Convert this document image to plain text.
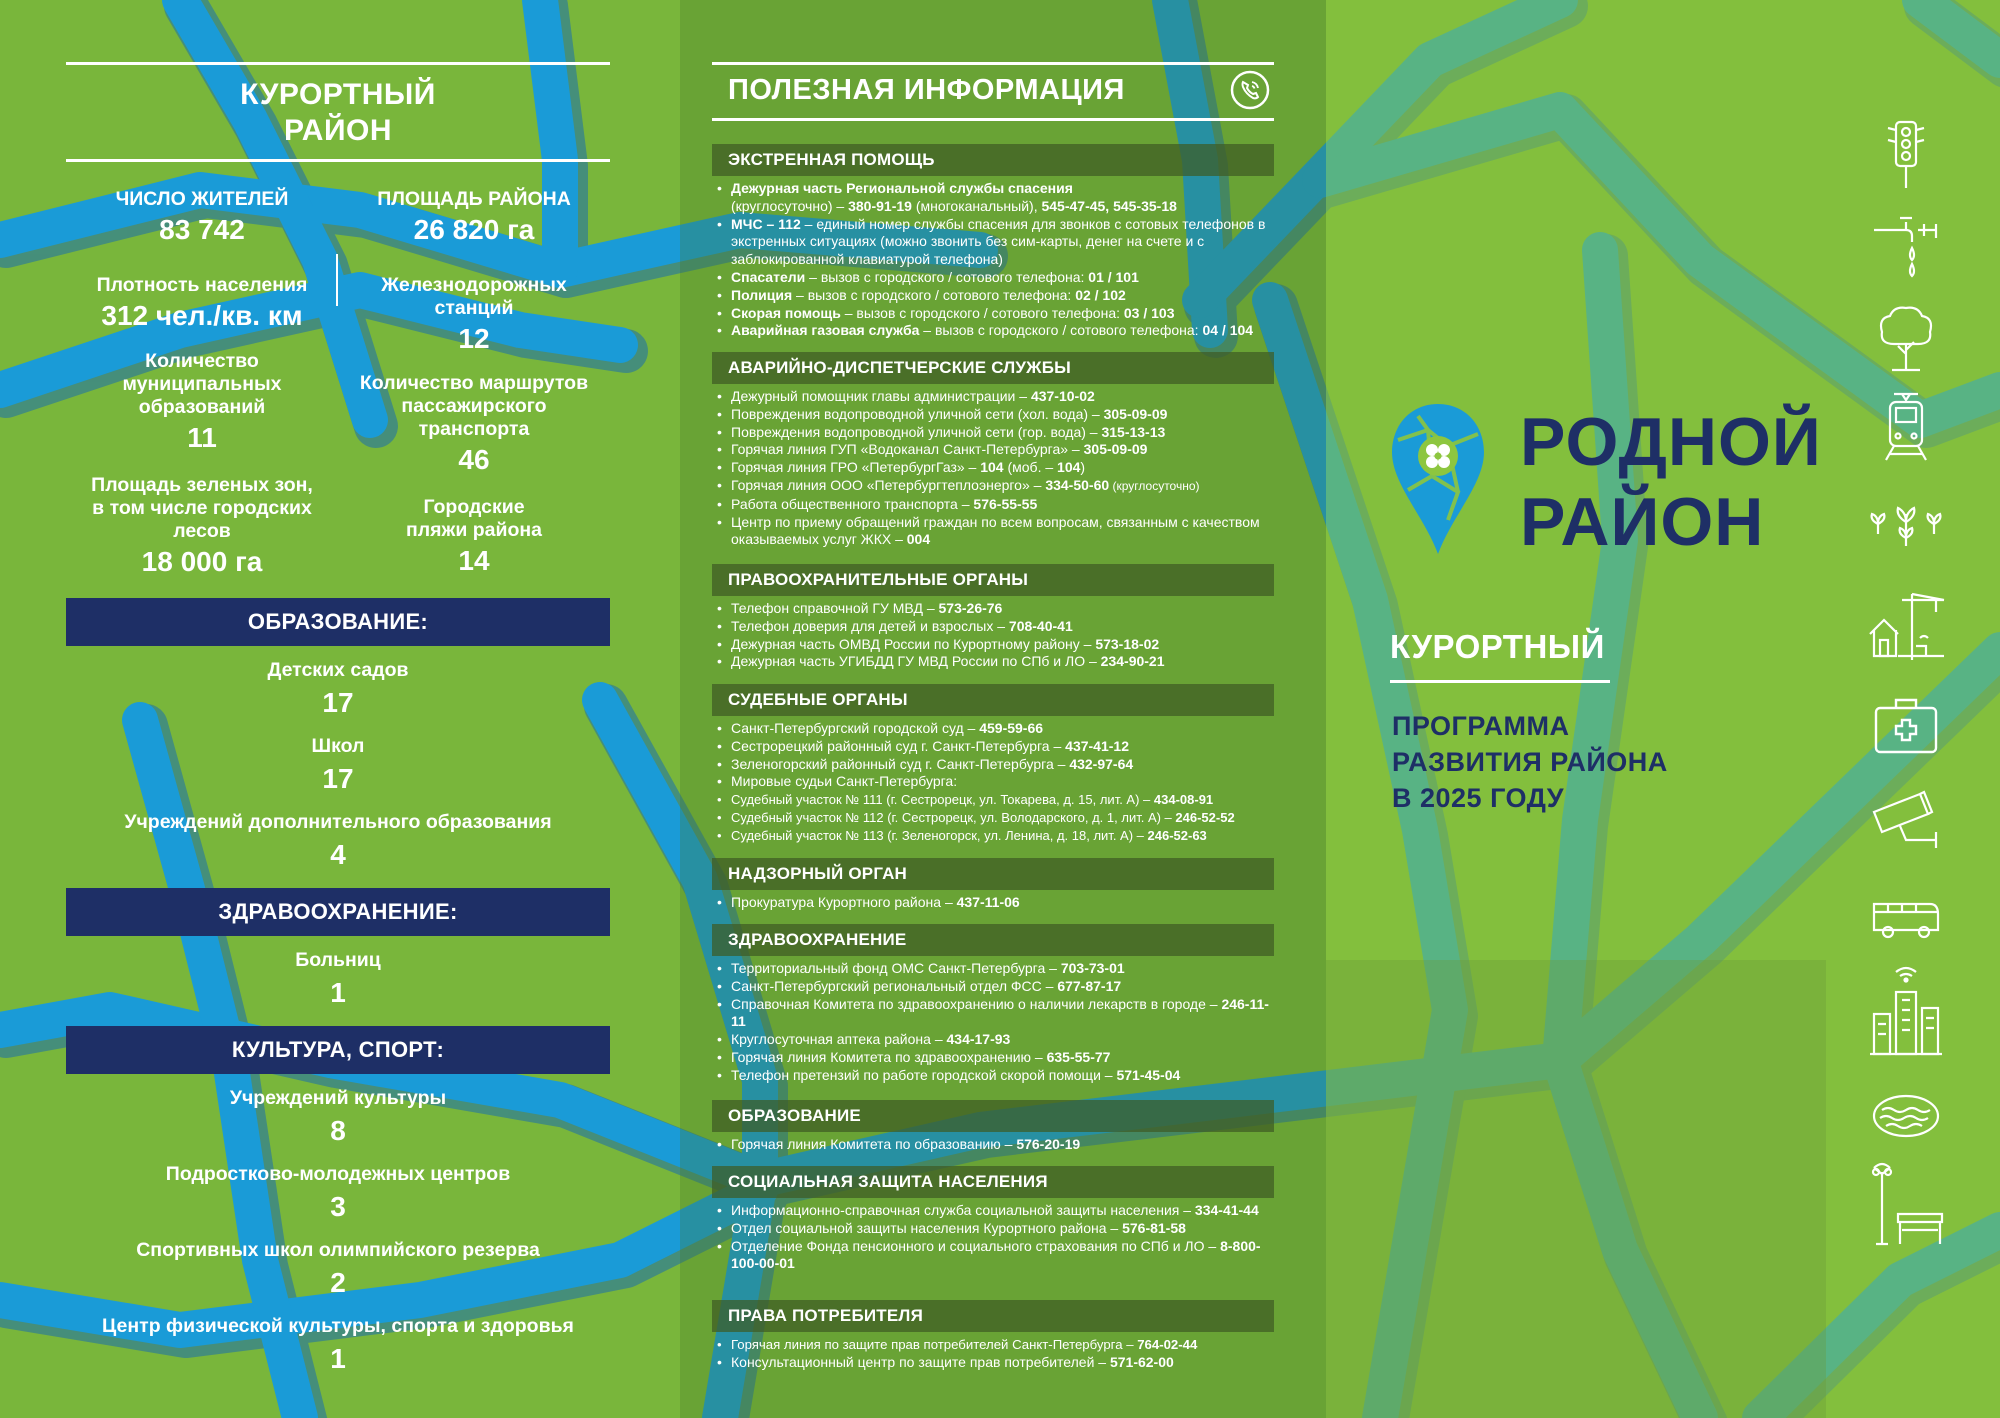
КУРОРТНЫЙ
РАЙОН
ЧИСЛО ЖИТЕЛЕЙ
83 742
ПЛОЩАДЬ РАЙОНА
26 820 га
Плотность населения
312 чел./кв. км
Железнодорожных станций
12
Количество муниципальных образований
11
Количество маршрутов пассажирского транспорта
46
Площадь зеленых зон, в том числе городских лесов
18 000 га
Городские пляжи района
14
ОБРАЗОВАНИЕ:
Детских садов
17
Школ
17
Учреждений дополнительного образования
4
ЗДРАВООХРАНЕНИЕ:
Больниц
1
КУЛЬТУРА, СПОРТ:
Учреждений культуры
8
Подростково-молодежных центров
3
Спортивных школ олимпийского резерва
2
Центр физической культуры, спорта и здоровья
1
ПОЛЕЗНАЯ ИНФОРМАЦИЯ
ЭКСТРЕННАЯ ПОМОЩЬ
• Дежурная часть Региональной службы спасения
(круглосуточно) – 380-91-19 (многоканальный), 545-47-45, 545-35-18
• МЧС – 112 – единый номер службы спасения для звонков с сотовых телефонов в экстренных ситуациях (можно звонить без сим-карты, денег на счете и с заблокированной клавиатурой телефона)
• Спасатели – вызов с городского / сотового телефона: 01 / 101
• Полиция – вызов с городского / сотового телефона: 02 / 102
• Скорая помощь – вызов с городского / сотового телефона: 03 / 103
• Аварийная газовая служба – вызов с городского / сотового телефона: 04 / 104
АВАРИЙНО-ДИСПЕТЧЕРСКИЕ СЛУЖБЫ
• Дежурный помощник главы администрации – 437-10-02
• Повреждения водопроводной уличной сети (хол. вода) – 305-09-09
• Повреждения водопроводной уличной сети (гор. вода) – 315-13-13
• Горячая линия ГУП «Водоканал Санкт-Петербурга» – 305-09-09
• Горячая линия ГРО «ПетербургГаз» – 104 (моб. – 104)
• Горячая линия ООО «Петербургтеплоэнерго» – 334-50-60 (круглосуточно)
• Работа общественного транспорта – 576-55-55
• Центр по приему обращений граждан по всем вопросам, связанным с качеством оказываемых услуг ЖКХ – 004
ПРАВООХРАНИТЕЛЬНЫЕ ОРГАНЫ
• Телефон справочной ГУ МВД – 573-26-76
• Телефон доверия для детей и взрослых – 708-40-41
• Дежурная часть ОМВД России по Курортному району – 573-18-02
• Дежурная часть УГИБДД ГУ МВД России по СПб и ЛО – 234-90-21
СУДЕБНЫЕ ОРГАНЫ
• Санкт-Петербургский городской суд – 459-59-66
• Сестрорецкий районный суд г. Санкт-Петербурга – 437-41-12
• Зеленогорский районный суд г. Санкт-Петербурга – 432-97-64
• Мировые судьи Санкт-Петербурга:
• Судебный участок № 111 (г. Сестрорецк, ул. Токарева, д. 15, лит. А) – 434-08-91
• Судебный участок № 112 (г. Сестрорецк, ул. Володарского, д. 1, лит. А) – 246-52-52
• Судебный участок № 113 (г. Зеленогорск, ул. Ленина, д. 18, лит. А) – 246-52-63
НАДЗОРНЫЙ ОРГАН
• Прокуратура Курортного района – 437-11-06
ЗДРАВООХРАНЕНИЕ
• Территориальный фонд ОМС Санкт-Петербурга – 703-73-01
• Санкт-Петербургский региональный отдел ФСС – 677-87-17
• Справочная Комитета по здравоохранению о наличии лекарств в городе – 246-11-11
• Круглосуточная аптека района – 434-17-93
• Горячая линия Комитета по здравоохранению – 635-55-77
• Телефон претензий по работе городской скорой помощи – 571-45-04
ОБРАЗОВАНИЕ
• Горячая линия Комитета по образованию – 576-20-19
СОЦИАЛЬНАЯ ЗАЩИТА НАСЕЛЕНИЯ
• Информационно-справочная служба социальной защиты населения – 334-41-44
• Отдел социальной защиты населения Курортного района – 576-81-58
• Отделение Фонда пенсионного и социального страхования по СПб и ЛО – 8-800-100-00-01
ПРАВА ПОТРЕБИТЕЛЯ
• Горячая линия по защите прав потребителей Санкт-Петербурга – 764-02-44
• Консультационный центр по защите прав потребителей – 571-62-00
РОДНОЙ
РАЙОН
КУРОРТНЫЙ
ПРОГРАММА
РАЗВИТИЯ РАЙОНА
В 2025 ГОДУ
